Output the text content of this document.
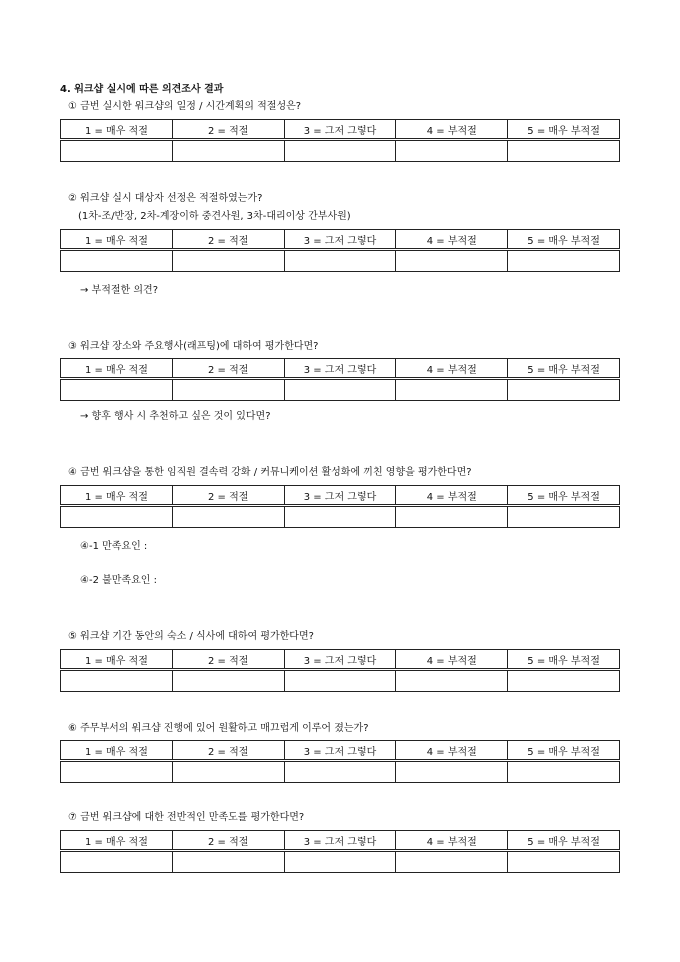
4. 워크샵 실시에 따른 의견조사 결과
① 금번 실시한 워크샵의 일정 / 시간계획의 적절성은?
1 = 매우 적절	2 = 적절	3 = 그저 그렇다	4 = 부적절	5 = 매우 부적절

② 워크샵 실시 대상자 선정은 적절하였는가?
(1차-조/반장, 2차-계장이하 중견사원, 3차-대리이상 간부사원)
1 = 매우 적절	2 = 적절	3 = 그저 그렇다	4 = 부적절	5 = 매우 부적절

→ 부적절한 의견?
③ 워크샵 장소와 주요행사(래프팅)에 대하여 평가한다면?
1 = 매우 적절	2 = 적절	3 = 그저 그렇다	4 = 부적절	5 = 매우 부적절

→ 향후 행사 시 추천하고 싶은 것이 있다면?
④ 금번 워크샵을 통한 임직원 결속력 강화 / 커뮤니케이션 활성화에 끼친 영향을 평가한다면?
1 = 매우 적절	2 = 적절	3 = 그저 그렇다	4 = 부적절	5 = 매우 부적절

④-1 만족요인 :
④-2 불만족요인 :
⑤ 워크샵 기간 동안의 숙소 / 식사에 대하여 평가한다면?
1 = 매우 적절	2 = 적절	3 = 그저 그렇다	4 = 부적절	5 = 매우 부적절

⑥ 주무부서의 워크샵 진행에 있어 원활하고 매끄럽게 이루어 졌는가?
1 = 매우 적절	2 = 적절	3 = 그저 그렇다	4 = 부적절	5 = 매우 부적절

⑦ 금번 워크샵에 대한 전반적인 만족도를 평가한다면?
1 = 매우 적절	2 = 적절	3 = 그저 그렇다	4 = 부적절	5 = 매우 부적절
